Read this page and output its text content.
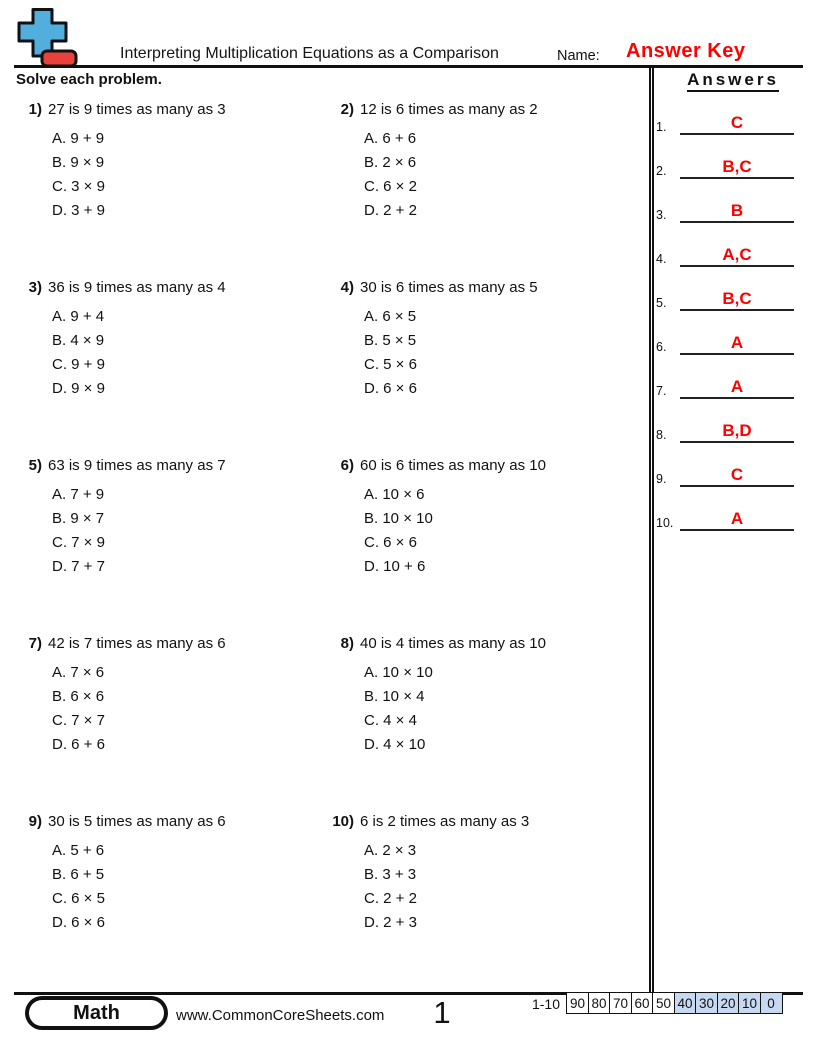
Interpreting Multiplication Equations as a Comparison	Name: Answer Key
Solve each problem.
1) 27 is 9 times as many as 3
A. 9 + 9
B. 9 × 9
C. 3 × 9
D. 3 + 9
2) 12 is 6 times as many as 2
A. 6 + 6
B. 2 × 6
C. 6 × 2
D. 2 + 2
3) 36 is 9 times as many as 4
A. 9 + 4
B. 4 × 9
C. 9 + 9
D. 9 × 9
4) 30 is 6 times as many as 5
A. 6 × 5
B. 5 × 5
C. 5 × 6
D. 6 × 6
5) 63 is 9 times as many as 7
A. 7 + 9
B. 9 × 7
C. 7 × 9
D. 7 + 7
6) 60 is 6 times as many as 10
A. 10 × 6
B. 10 × 10
C. 6 × 6
D. 10 + 6
7) 42 is 7 times as many as 6
A. 7 × 6
B. 6 × 6
C. 7 × 7
D. 6 + 6
8) 40 is 4 times as many as 10
A. 10 × 10
B. 10 × 4
C. 4 × 4
D. 4 × 10
9) 30 is 5 times as many as 6
A. 5 + 6
B. 6 + 5
C. 6 × 5
D. 6 × 6
10) 6 is 2 times as many as 3
A. 2 × 3
B. 3 + 3
C. 2 + 2
D. 2 + 3
Answers
1.	C
2.	B,C
3.	B
4.	A,C
5.	B,C
6.	A
7.	A
8.	B,D
9.	C
10.	A
Math	www.CommonCoreSheets.com	1	1-10 90 80 70 60 50 40 30 20 10 0
